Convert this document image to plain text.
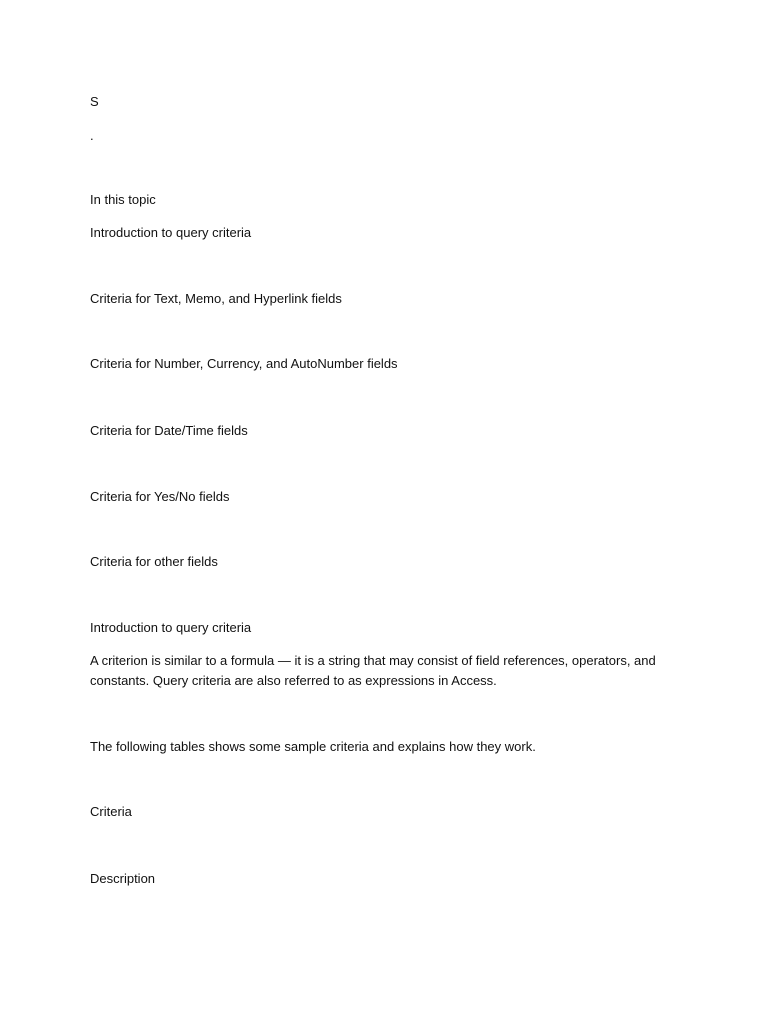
S

.

In this topic

Introduction to query criteria

Criteria for Text, Memo, and Hyperlink fields

Criteria for Number, Currency, and AutoNumber fields

Criteria for Date/Time fields

Criteria for Yes/No fields

Criteria for other fields

Introduction to query criteria

A criterion is similar to a formula — it is a string that may consist of field references, operators, and constants. Query criteria are also referred to as expressions in Access.

The following tables shows some sample criteria and explains how they work.

Criteria

Description
